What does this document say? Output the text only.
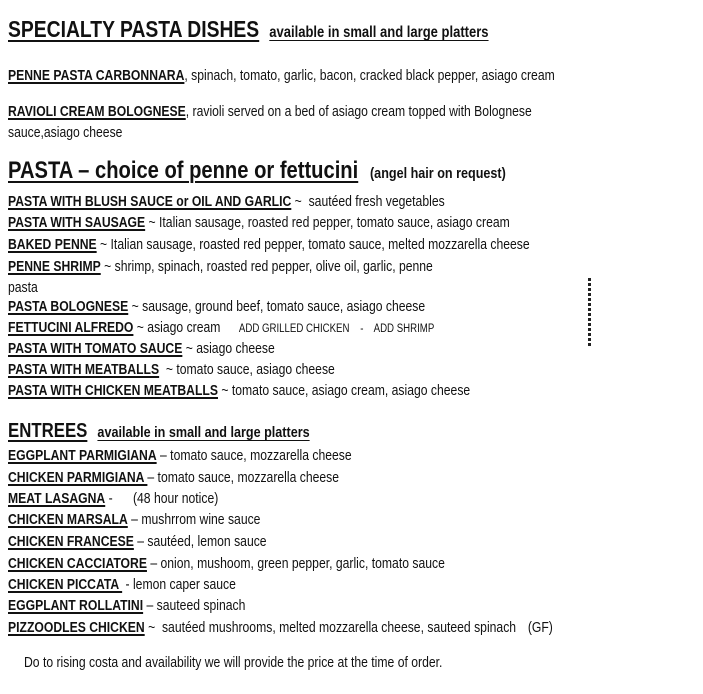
SPECIALTY PASTA DISHES available in small and large platters
PENNE PASTA CARBONNARA, spinach, tomato, garlic, bacon, cracked black pepper, asiago cream
RAVIOLI CREAM BOLOGNESE, ravioli served on a bed of asiago cream topped with Bolognese
sauce,asiago cheese
PASTA – choice of penne or fettucini (angel hair on request)
PASTA WITH BLUSH SAUCE or OIL AND GARLIC ~  sautéed fresh vegetables
PASTA WITH SAUSAGE ~ Italian sausage, roasted red pepper, tomato sauce, asiago cream
BAKED PENNE ~ Italian sausage, roasted red pepper, tomato sauce, melted mozzarella cheese
PENNE SHRIMP ~ shrimp, spinach, roasted red pepper, olive oil, garlic, penne
pasta
PASTA BOLOGNESE ~ sausage, ground beef, tomato sauce, asiago cheese
FETTUCINI ALFREDO ~ asiago cream ADD GRILLED CHICKEN    -    ADD SHRIMP
PASTA WITH TOMATO SAUCE ~ asiago cheese
PASTA WITH MEATBALLS  ~ tomato sauce, asiago cheese
PASTA WITH CHICKEN MEATBALLS ~ tomato sauce, asiago cream, asiago cheese
ENTREES available in small and large platters
EGGPLANT PARMIGIANA – tomato sauce, mozzarella cheese
CHICKEN PARMIGIANA – tomato sauce, mozzarella cheese
MEAT LASAGNA -      (48 hour notice)
CHICKEN MARSALA – mushrrom wine sauce
CHICKEN FRANCESE – sautéed, lemon sauce
CHICKEN CACCIATORE – onion, mushoom, green pepper, garlic, tomato sauce
CHICKEN PICCATA  - lemon caper sauce
EGGPLANT ROLLATINI – sauteed spinach
PIZZOODLES CHICKEN ~  sautéed mushrooms, melted mozzarella cheese, sauteed spinach (GF)
Do to rising costa and availability we will provide the price at the time of order.
